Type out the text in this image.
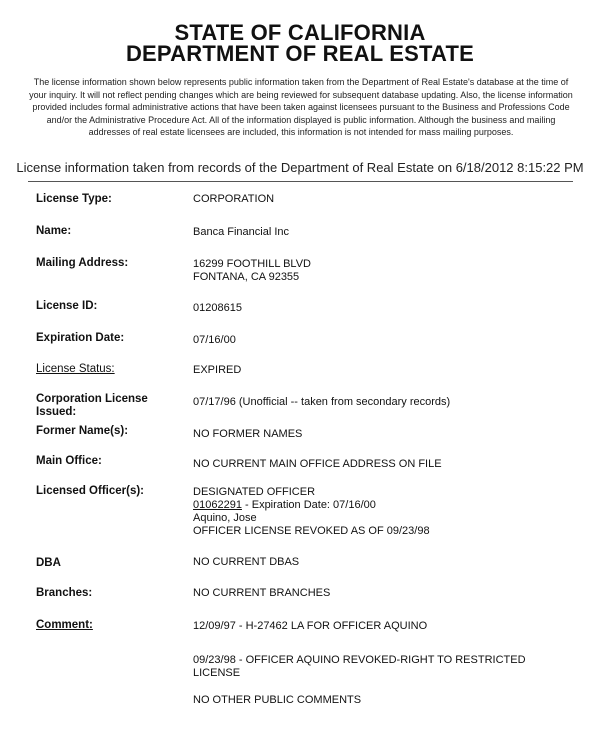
STATE OF CALIFORNIA
DEPARTMENT OF REAL ESTATE
The license information shown below represents public information taken from the Department of Real Estate's database at the time of your inquiry. It will not reflect pending changes which are being reviewed for subsequent database updating. Also, the license information provided includes formal administrative actions that have been taken against licensees pursuant to the Business and Professions Code and/or the Administrative Procedure Act. All of the information displayed is public information. Although the business and mailing addresses of real estate licensees are included, this information is not intended for mass mailing purposes.
License information taken from records of the Department of Real Estate on 6/18/2012 8:15:22 PM
License Type:	CORPORATION
Name:	Banca Financial Inc
Mailing Address:	16299 FOOTHILL BLVD
FONTANA, CA 92355
License ID:	01208615
Expiration Date:	07/16/00
License Status:	EXPIRED
Corporation License
Issued:
07/17/96 (Unofficial -- taken from secondary records)
Former Name(s):	NO FORMER NAMES
Main Office:	NO CURRENT MAIN OFFICE ADDRESS ON FILE
Licensed Officer(s):	DESIGNATED OFFICER
01062291 - Expiration Date: 07/16/00
Aquino, Jose
OFFICER LICENSE REVOKED AS OF 09/23/98
DBA	NO CURRENT DBAS
Branches:	NO CURRENT BRANCHES
Comment:	12/09/97 - H-27462 LA FOR OFFICER AQUINO
09/23/98 - OFFICER AQUINO REVOKED-RIGHT TO RESTRICTED
LICENSE
NO OTHER PUBLIC COMMENTS
